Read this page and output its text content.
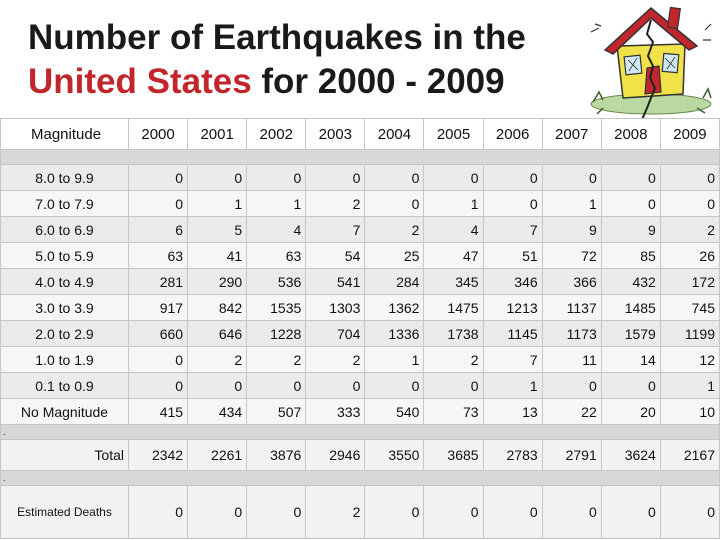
Number of Earthquakes in the
United States for 2000 - 2009
Magnitude	2000	2001	2002	2003	2004	2005	2006	2007	2008	2009

8.0 to 9.9	0	0	0	0	0	0	0	0	0	0
7.0 to 7.9	0	1	1	2	0	1	0	1	0	0
6.0 to 6.9	6	5	4	7	2	4	7	9	9	2
5.0 to 5.9	63	41	63	54	25	47	51	72	85	26
4.0 to 4.9	281	290	536	541	284	345	346	366	432	172
3.0 to 3.9	917	842	1535	1303	1362	1475	1213	1137	1485	745
2.0 to 2.9	660	646	1228	704	1336	1738	1145	1173	1579	1199
1.0 to 1.9	0	2	2	2	1	2	7	11	14	12
0.1 to 0.9	0	0	0	0	0	0	1	0	0	1
No Magnitude	415	434	507	333	540	73	13	22	20	10
.										
Total	2342	2261	3876	2946	3550	3685	2783	2791	3624	2167
.										
Estimated Deaths	0	0	0	2	0	0	0	0	0	0
